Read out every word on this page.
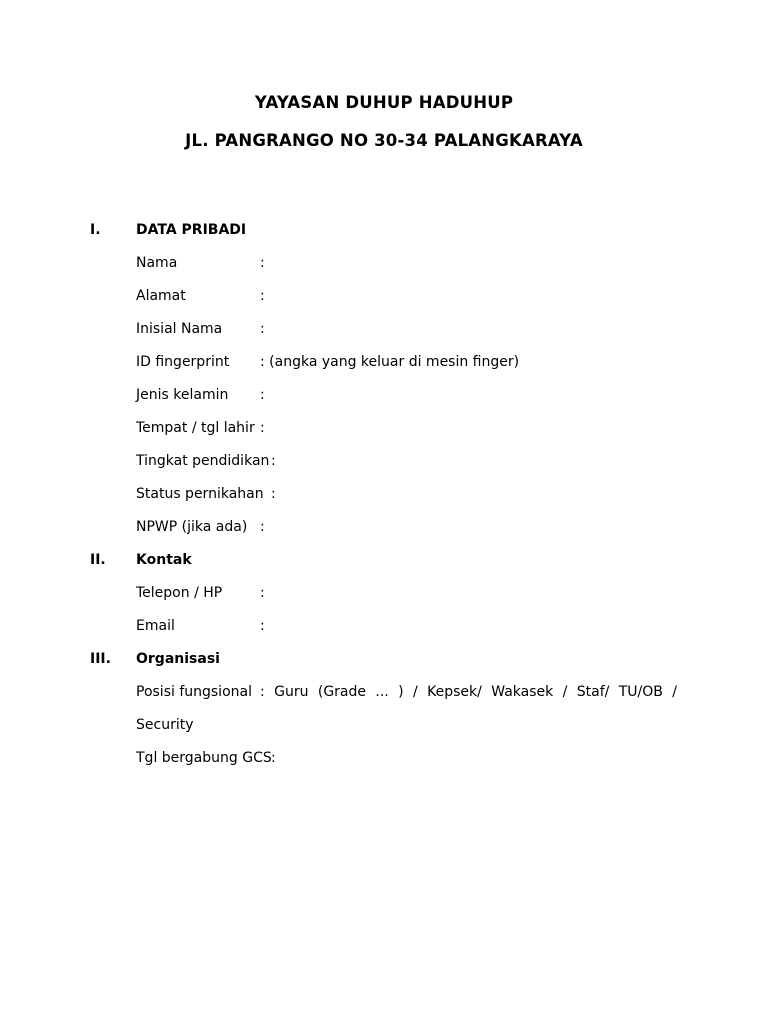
YAYASAN DUHUP HADUHUP
JL. PANGRANGO NO 30-34 PALANGKARAYA
I.	DATA PRIBADI
Nama	:
Alamat	:
Inisial Nama	:
ID fingerprint : (angka yang keluar di mesin finger)
Jenis kelamin :
Tempat / tgl lahir :
Tingkat pendidikan :
Status pernikahan :
NPWP (jika ada) :
II. Kontak
Telepon / HP	:
Email	:
III. Organisasi
Posisi fungsional : Guru (Grade ... ) / Kepsek/ Wakasek / Staf/ TU/OB /
Security
Tgl bergabung GCS :
